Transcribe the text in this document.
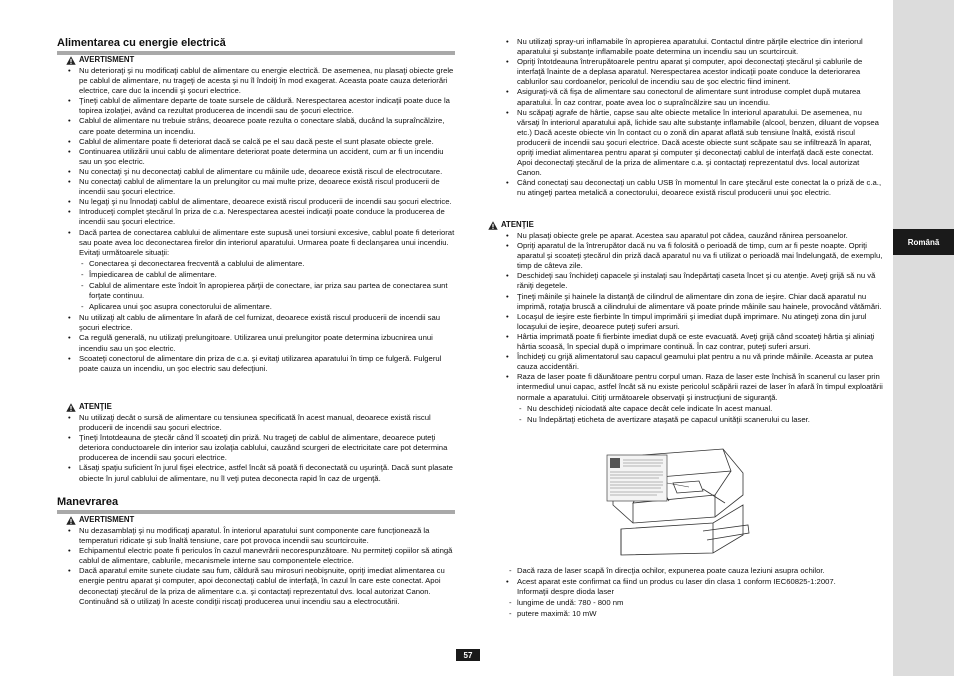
Română
Alimentarea cu energie electrică
AVERTISMENT
• Nu deterioraţi şi nu modificaţi cablul de alimentare cu energie electrică. De asemenea, nu plasaţi obiecte grele pe cablul de alimentare, nu trageţi de acesta şi nu îl îndoiţi în mod exagerat. Aceasta poate cauza deteriorări electrice, care duc la incendii şi şocuri electrice.
• Ţineţi cablul de alimentare departe de toate sursele de căldură. Nerespectarea acestor indicaţii poate duce la topirea izolaţiei, având ca rezultat producerea de incendii sau de şocuri electrice.
• Cablul de alimentare nu trebuie strâns, deoarece poate rezulta o conectare slabă, ducând la supraîncălzire, care poate determina un incendiu.
• Cablul de alimentare poate fi deteriorat dacă se calcă pe el sau dacă peste el sunt plasate obiecte grele.
• Continuarea utilizării unui cablu de alimentare deteriorat poate determina un accident, cum ar fi un incendiu sau un şoc electric.
• Nu conectaţi şi nu deconectaţi cablul de alimentare cu mâinile ude, deoarece există riscul de electrocutare.
• Nu conectaţi cablul de alimentare la un prelungitor cu mai multe prize, deoarece există riscul producerii de incendii sau şocuri electrice.
• Nu legaţi şi nu înnodaţi cablul de alimentare, deoarece există riscul producerii de incendii sau şocuri electrice.
• Introduceţi complet ştecărul în priza de c.a. Nerespectarea acestei indicaţii poate conduce la producerea de incendii sau şocuri electrice.
• Dacă partea de conectarea cablului de alimentare este supusă unei torsiuni excesive, cablul poate fi deteriorat sau poate avea loc deconectarea firelor din interiorul aparatului. Urmarea poate fi declanşarea unui incendiu. Evitaţi următoarele situaţii:
- Conectarea şi deconectarea frecventă a cablului de alimentare.
- Împiedicarea de cablul de alimentare.
- Cablul de alimentare este îndoit în apropierea părţii de conectare, iar priza sau partea de conectarea sunt forţate continuu.
- Aplicarea unui şoc asupra conectorului de alimentare.
• Nu utilizaţi alt cablu de alimentare în afară de cel furnizat, deoarece există riscul producerii de incendii sau şocuri electrice.
• Ca regulă generală, nu utilizaţi prelungitoare. Utilizarea unui prelungitor poate determina izbucnirea unui incendiu sau un şoc electric.
• Scoateţi conectorul de alimentare din priza de c.a. şi evitaţi utilizarea aparatului în timp ce fulgeră. Fulgerul poate cauza un incendiu, un şoc electric sau defecţiuni.
ATENŢIE
• Nu utilizaţi decât o sursă de alimentare cu tensiunea specificată în acest manual, deoarece există riscul producerii de incendii sau şocuri electrice.
• Ţineţi întotdeauna de ştecăr când îl scoateţi din priză. Nu trageţi de cablul de alimentare, deoarece puteţi deteriora conductoarele din interior sau izolaţia cablului, cauzând scurgeri de electricitate care pot determina producerea de incendii sau şocuri electrice.
• Lăsaţi spaţiu suficient în jurul fişei electrice, astfel încât să poată fi deconectată cu uşurinţă. Dacă sunt plasate obiecte în jurul cablului de alimentare, nu îl veţi putea deconecta rapid în caz de urgenţă.
Manevrarea
AVERTISMENT
• Nu dezasamblaţi şi nu modificaţi aparatul. În interiorul aparatului sunt componente care funcţionează la temperaturi ridicate şi sub înaltă tensiune, care pot provoca incendii sau scurtcircuite.
• Echipamentul electric poate fi periculos în cazul manevrării necorespunzătoare. Nu permiteţi copiilor să atingă cablul de alimentare, cablurile, mecanismele interne sau componentele electrice.
• Dacă aparatul emite sunete ciudate sau fum, căldură sau mirosuri neobişnuite, opriţi imediat alimentarea cu energie pentru aparat şi computer, apoi deconectaţi cablul de interfaţă, în cazul în care este conectat. Apoi deconectaţi ştecărul de la priza de alimentare c.a. şi contactaţi reprezentatul dvs. local autorizat Canon. Continuând să o utilizaţi în aceste condiţii riscaţi producerea unui incendiu sau a electrocutării.
• Nu utilizaţi spray-uri inflamabile în apropierea aparatului. Contactul dintre părţile electrice din interiorul aparatului şi substanţe inflamabile poate determina un incendiu sau un scurtcircuit.
• Opriţi întotdeauna întrerupătoarele pentru aparat şi computer, apoi deconectaţi ştecărul şi cablurile de interfaţă înainte de a deplasa aparatul. Nerespectarea acestor indicaţii poate conduce la deteriorarea cablurilor sau cordoanelor, pericolul de incendiu sau de şoc electric fiind iminent.
• Asiguraţi-vă că fişa de alimentare sau conectorul de alimentare sunt introduse complet după mutarea aparatului. În caz contrar, poate avea loc o supraîncălzire sau un incendiu.
• Nu scăpaţi agrafe de hârtie, capse sau alte obiecte metalice în interiorul aparatului. De asemenea, nu vărsaţi în interiorul aparatului apă, lichide sau alte substanţe inflamabile (alcool, benzen, diluant de vopsea etc.) Dacă aceste obiecte vin în contact cu o zonă din aparat aflată sub tensiune înaltă, există riscul producerii de incendii sau şocuri electrice. Dacă aceste obiecte sunt scăpate sau se infiltrează în aparat, opriţi imediat alimentarea pentru aparat şi computer şi deconectaţi cablul de interfaţă dacă este conectat. Apoi deconectaţi ştecărul de la priza de alimentare c.a. şi contactaţi reprezentatul dvs. local autorizat Canon.
• Când conectaţi sau deconectaţi un cablu USB în momentul în care ştecărul este conectat la o priză de c.a., nu atingeţi partea metalică a conectorului, deoarece există riscul producerii unui şoc electric.
ATENŢIE
• Nu plasaţi obiecte grele pe aparat. Acestea sau aparatul pot cădea, cauzând rănirea persoanelor.
• Opriţi aparatul de la întrerupător dacă nu va fi folosită o perioadă de timp, cum ar fi peste noapte. Opriţi aparatul şi scoateţi ştecărul din priză dacă aparatul nu va fi utilizat o perioadă mai îndelungată, de exemplu, timp de câteva zile.
• Deschideţi sau închideţi capacele şi instalaţi sau îndepărtaţi caseta încet şi cu atenţie. Aveţi grijă să nu vă răniţi degetele.
• Ţineţi mâinile şi hainele la distanţă de cilindrul de alimentare din zona de ieşire. Chiar dacă aparatul nu imprimă, rotaţia bruscă a cilindrului de alimentare vă poate prinde mâinile sau hainele, provocând vătămări.
• Locaşul de ieşire este fierbinte în timpul imprimării şi imediat după imprimare. Nu atingeţi zona din jurul locaşului de ieşire, deoarece puteţi suferi arsuri.
• Hârtia imprimată poate fi fierbinte imediat după ce este evacuată. Aveţi grijă când scoateţi hârtia şi aliniaţi hârtia scoasă, în special după o imprimare continuă. În caz contrar, puteţi suferi arsuri.
• Închideţi cu grijă alimentatorul sau capacul geamului plat pentru a nu vă prinde mâinile. Aceasta ar putea cauza accidentări.
• Raza de laser poate fi dăunătoare pentru corpul uman. Raza de laser este închisă în scanerul cu laser prin intermediul unui capac, astfel încât să nu existe pericolul scăpării razei de laser în afară în timpul exploatării normale a aparatului. Citiţi următoarele observaţii şi instrucţiuni de siguranţă.
- Nu deschideţi niciodată alte capace decât cele indicate în acest manual.
- Nu îndepărtaţi eticheta de avertizare ataşată pe capacul unităţii scanerului cu laser.
- Dacă raza de laser scapă în direcţia ochilor, expunerea poate cauza leziuni asupra ochilor.
• Acest aparat este confirmat ca fiind un produs cu laser din clasa 1 conform IEC60825-1:2007.
Informaţii despre dioda laser
- lungime de undă: 780 - 800 nm
- putere maximă: 10 mW
57
